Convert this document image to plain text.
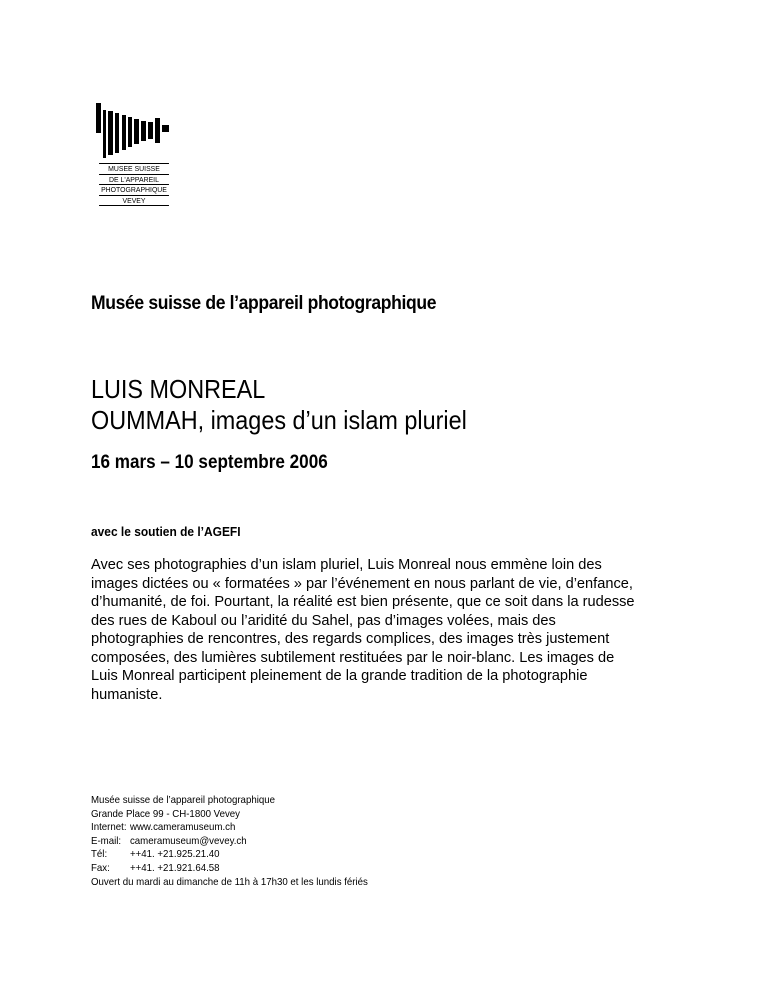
MUSEE SUISSE
DE L'APPAREIL
PHOTOGRAPHIQUE
VEVEY
Musée suisse de l’appareil photographique
LUIS MONREAL
OUMMAH, images d’un islam pluriel
16 mars – 10 septembre 2006

avec le soutien de l’AGEFI

Avec ses photographies d’un islam pluriel, Luis Monreal nous emmène loin des
images dictées ou « formatées » par l’événement en nous parlant de vie, d’enfance,
d’humanité, de foi. Pourtant, la réalité est bien présente, que ce soit dans la rudesse
des rues de Kaboul ou l’aridité du Sahel, pas d’images volées, mais des
photographies de rencontres, des regards complices, des images très justement
composées, des lumières subtilement restituées par le noir-blanc. Les images de
Luis Monreal participent pleinement de la grande tradition de la photographie
humaniste.

Musée suisse de l’appareil photographique
Grande Place 99 - CH-1800 Vevey
Internet: www.cameramuseum.ch
E-mail: cameramuseum@vevey.ch
Tél: ++41. +21.925.21.40
Fax: ++41. +21.921.64.58
Ouvert du mardi au dimanche de 11h à 17h30 et les lundis fériés
